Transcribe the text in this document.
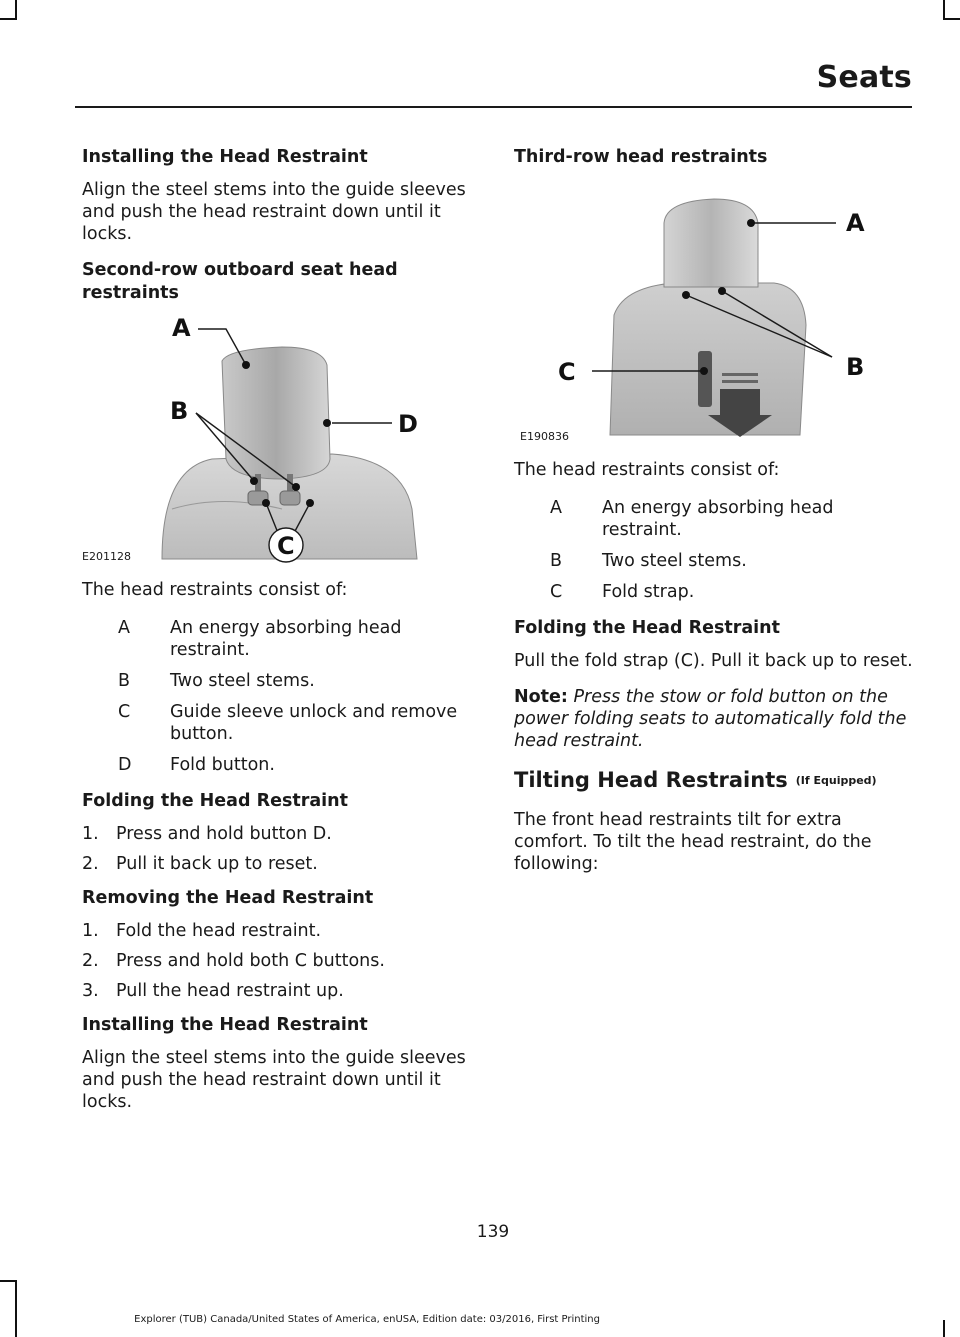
Seats
Installing the Head Restraint

Align the steel stems into the guide sleeves and push the head restraint down until it locks.

Second-row outboard seat head restraints
A
B
C
D
E201128

The head restraints consist of:

A	An energy absorbing head restraint.
B	Two steel stems.
C	Guide sleeve unlock and remove button.
D	Fold button.
Folding the Head Restraint
1. Press and hold button D.
2. Pull it back up to reset.
Removing the Head Restraint
1. Fold the head restraint.
2. Press and hold both C buttons.
3. Pull the head restraint up.
Installing the Head Restraint

Align the steel stems into the guide sleeves and push the head restraint down until it locks.

Third-row head restraints
A
B
C
E190836

The head restraints consist of:

A	An energy absorbing head restraint.
B	Two steel stems.
C	Fold strap.
Folding the Head Restraint

Pull the fold strap (C). Pull it back up to reset.

Note: Press the stow or fold button on the power folding seats to automatically fold the head restraint.

Tilting Head Restraints (If Equipped)

The front head restraints tilt for extra comfort. To tilt the head restraint, do the following:

139
Explorer (TUB) Canada/United States of America, enUSA, Edition date: 03/2016, First Printing
